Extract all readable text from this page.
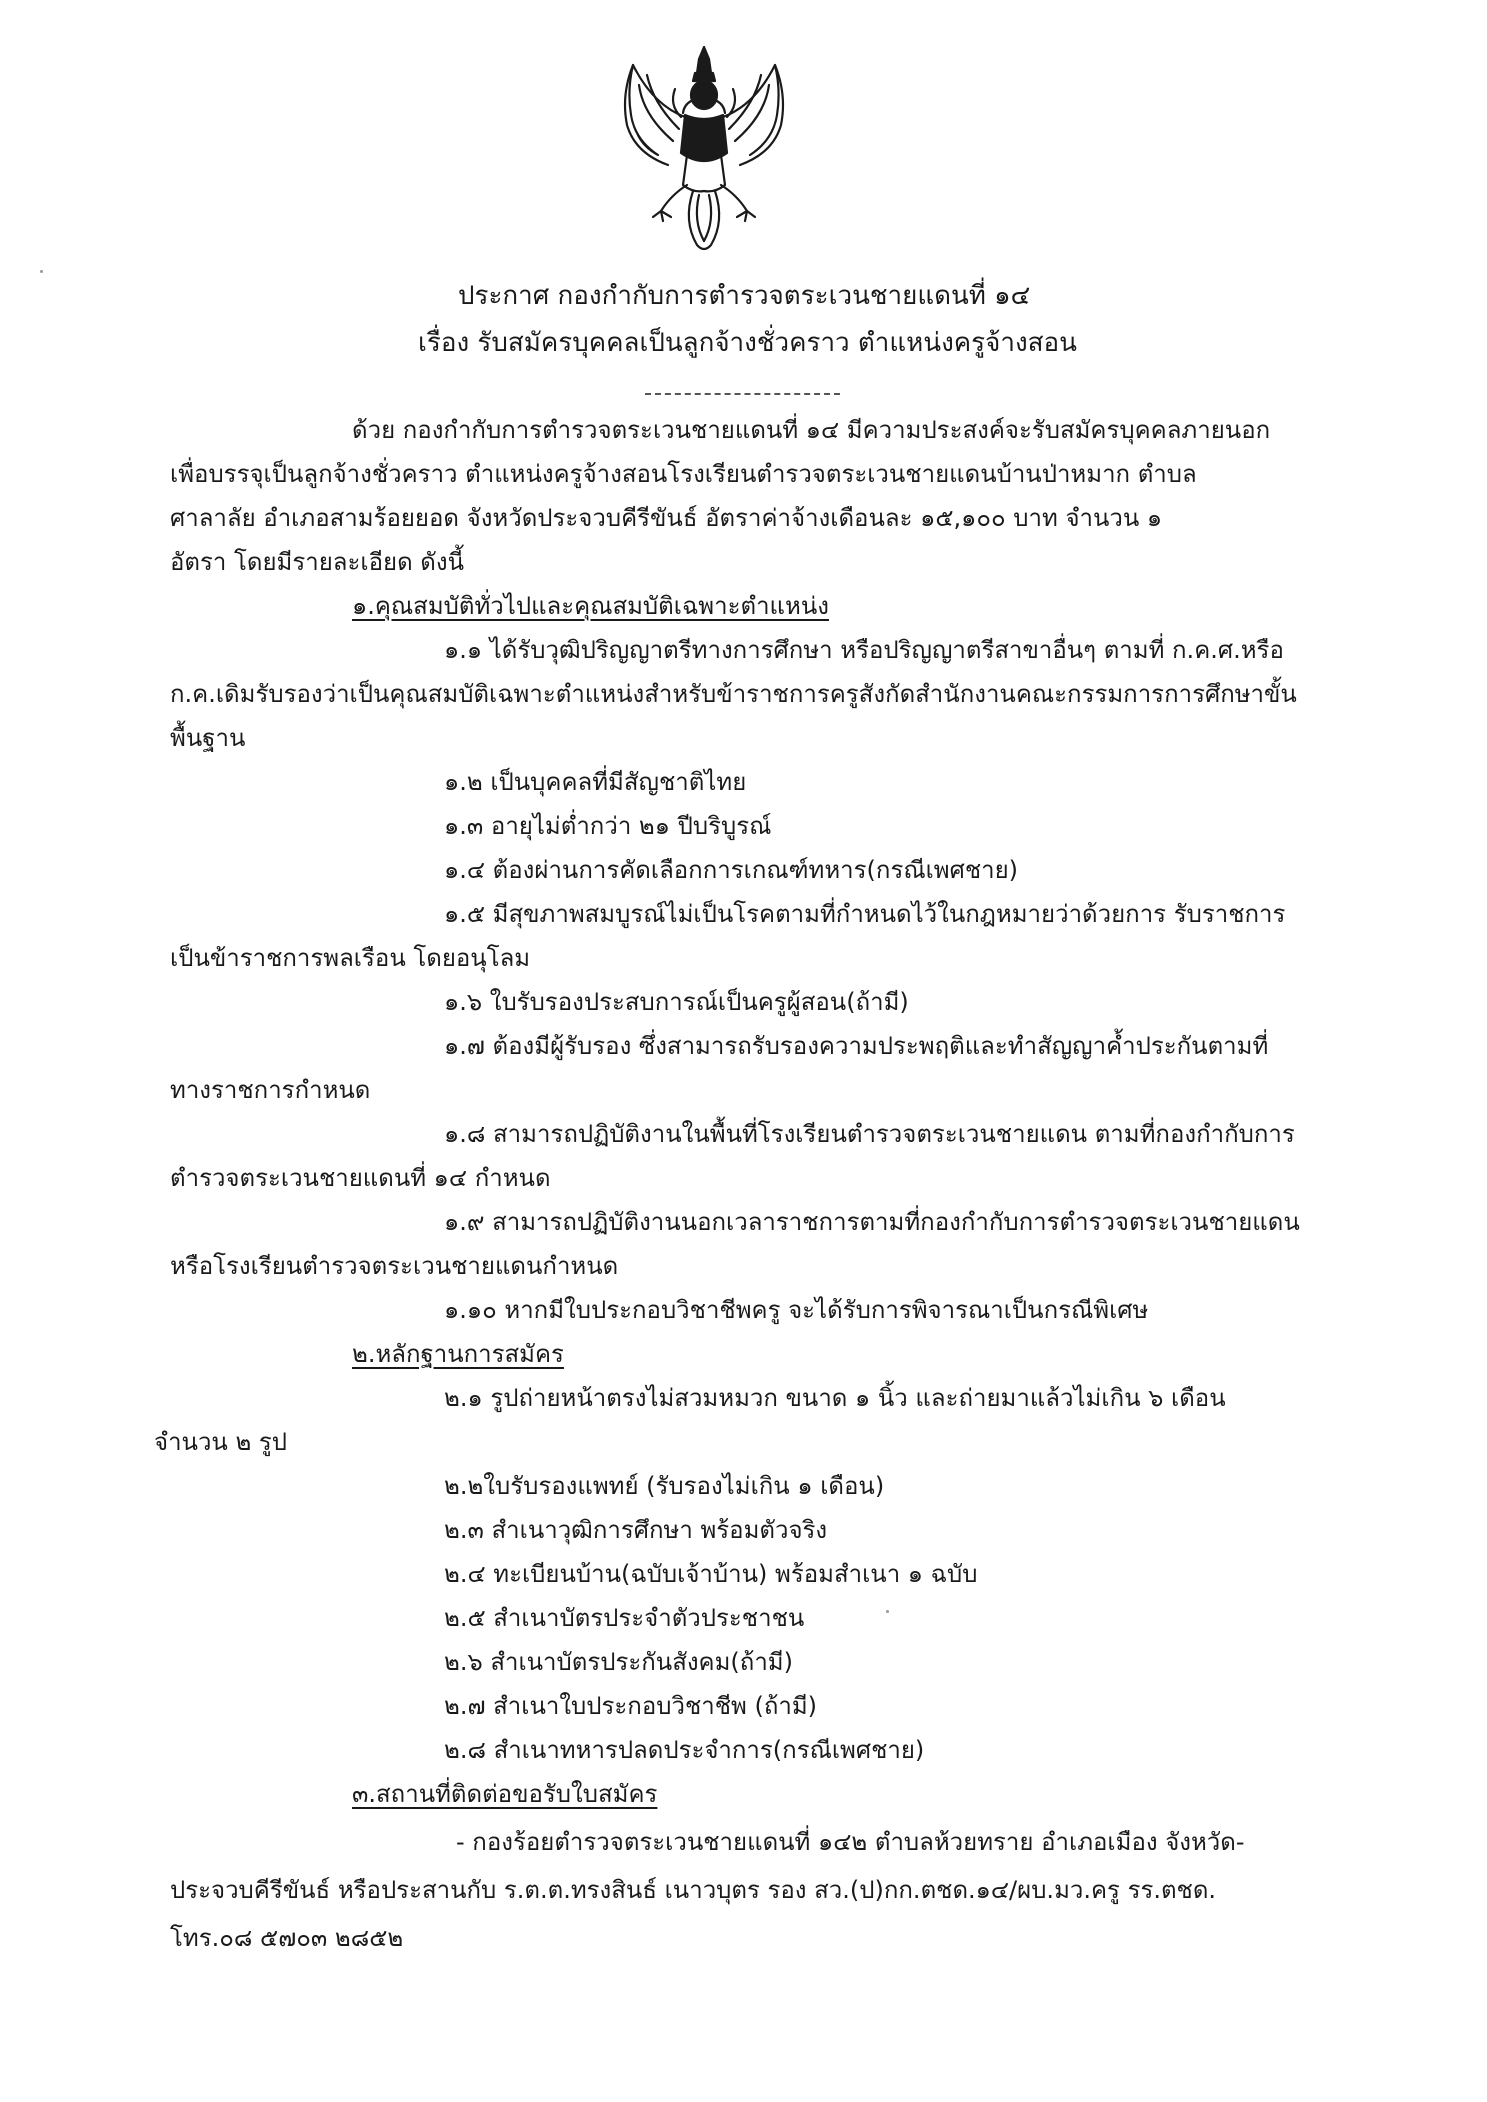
ประกาศ กองกำกับการตำรวจตระเวนชายแดนที่ ๑๔
เรื่อง รับสมัครบุคคลเป็นลูกจ้างชั่วคราว ตำแหน่งครูจ้างสอน
ด้วย กองกำกับการตำรวจตระเวนชายแดนที่ ๑๔ มีความประสงค์จะรับสมัครบุคคลภายนอก
เพื่อบรรจุเป็นลูกจ้างชั่วคราว ตำแหน่งครูจ้างสอนโรงเรียนตำรวจตระเวนชายแดนบ้านป่าหมาก ตำบล
ศาลาลัย อำเภอสามร้อยยอด จังหวัดประจวบคีรีขันธ์ อัตราค่าจ้างเดือนละ ๑๕,๑๐๐ บาท จำนวน ๑
อัตรา โดยมีรายละเอียด ดังนี้
๑.คุณสมบัติทั่วไปและคุณสมบัติเฉพาะตำแหน่ง
๑.๑ ได้รับวุฒิปริญญาตรีทางการศึกษา หรือปริญญาตรีสาขาอื่นๆ ตามที่ ก.ค.ศ.หรือ
ก.ค.เดิมรับรองว่าเป็นคุณสมบัติเฉพาะตำแหน่งสำหรับข้าราชการครูสังกัดสำนักงานคณะกรรมการการศึกษาขั้น
พื้นฐาน
๑.๒ เป็นบุคคลที่มีสัญชาติไทย
๑.๓ อายุไม่ต่ำกว่า ๒๑ ปีบริบูรณ์
๑.๔ ต้องผ่านการคัดเลือกการเกณฑ์ทหาร(กรณีเพศชาย)
๑.๕ มีสุขภาพสมบูรณ์ไม่เป็นโรคตามที่กำหนดไว้ในกฎหมายว่าด้วยการ รับราชการ
เป็นข้าราชการพลเรือน โดยอนุโลม
๑.๖ ใบรับรองประสบการณ์เป็นครูผู้สอน(ถ้ามี)
๑.๗ ต้องมีผู้รับรอง ซึ่งสามารถรับรองความประพฤติและทำสัญญาค้ำประกันตามที่
ทางราชการกำหนด
๑.๘ สามารถปฏิบัติงานในพื้นที่โรงเรียนตำรวจตระเวนชายแดน ตามที่กองกำกับการ
ตำรวจตระเวนชายแดนที่ ๑๔ กำหนด
๑.๙ สามารถปฏิบัติงานนอกเวลาราชการตามที่กองกำกับการตำรวจตระเวนชายแดน
หรือโรงเรียนตำรวจตระเวนชายแดนกำหนด
๑.๑๐ หากมีใบประกอบวิชาชีพครู จะได้รับการพิจารณาเป็นกรณีพิเศษ
๒.หลักฐานการสมัคร
๒.๑ รูปถ่ายหน้าตรงไม่สวมหมวก ขนาด ๑ นิ้ว และถ่ายมาแล้วไม่เกิน ๖ เดือน
จำนวน ๒ รูป
๒.๒ใบรับรองแพทย์ (รับรองไม่เกิน ๑ เดือน)
๒.๓ สำเนาวุฒิการศึกษา พร้อมตัวจริง
๒.๔ ทะเบียนบ้าน(ฉบับเจ้าบ้าน) พร้อมสำเนา ๑ ฉบับ
๒.๕ สำเนาบัตรประจำตัวประชาชน
๒.๖ สำเนาบัตรประกันสังคม(ถ้ามี)
๒.๗ สำเนาใบประกอบวิชาชีพ (ถ้ามี)
๒.๘ สำเนาทหารปลดประจำการ(กรณีเพศชาย)
๓.สถานที่ติดต่อขอรับใบสมัคร
- กองร้อยตำรวจตระเวนชายแดนที่ ๑๔๒ ตำบลห้วยทราย อำเภอเมือง จังหวัด-
ประจวบคีรีขันธ์ หรือประสานกับ ร.ต.ต.ทรงสินธ์ เนาวบุตร รอง สว.(ป)กก.ตชด.๑๔/ผบ.มว.ครู รร.ตชด.
โทร.๐๘ ๕๗๐๓ ๒๘๕๒
